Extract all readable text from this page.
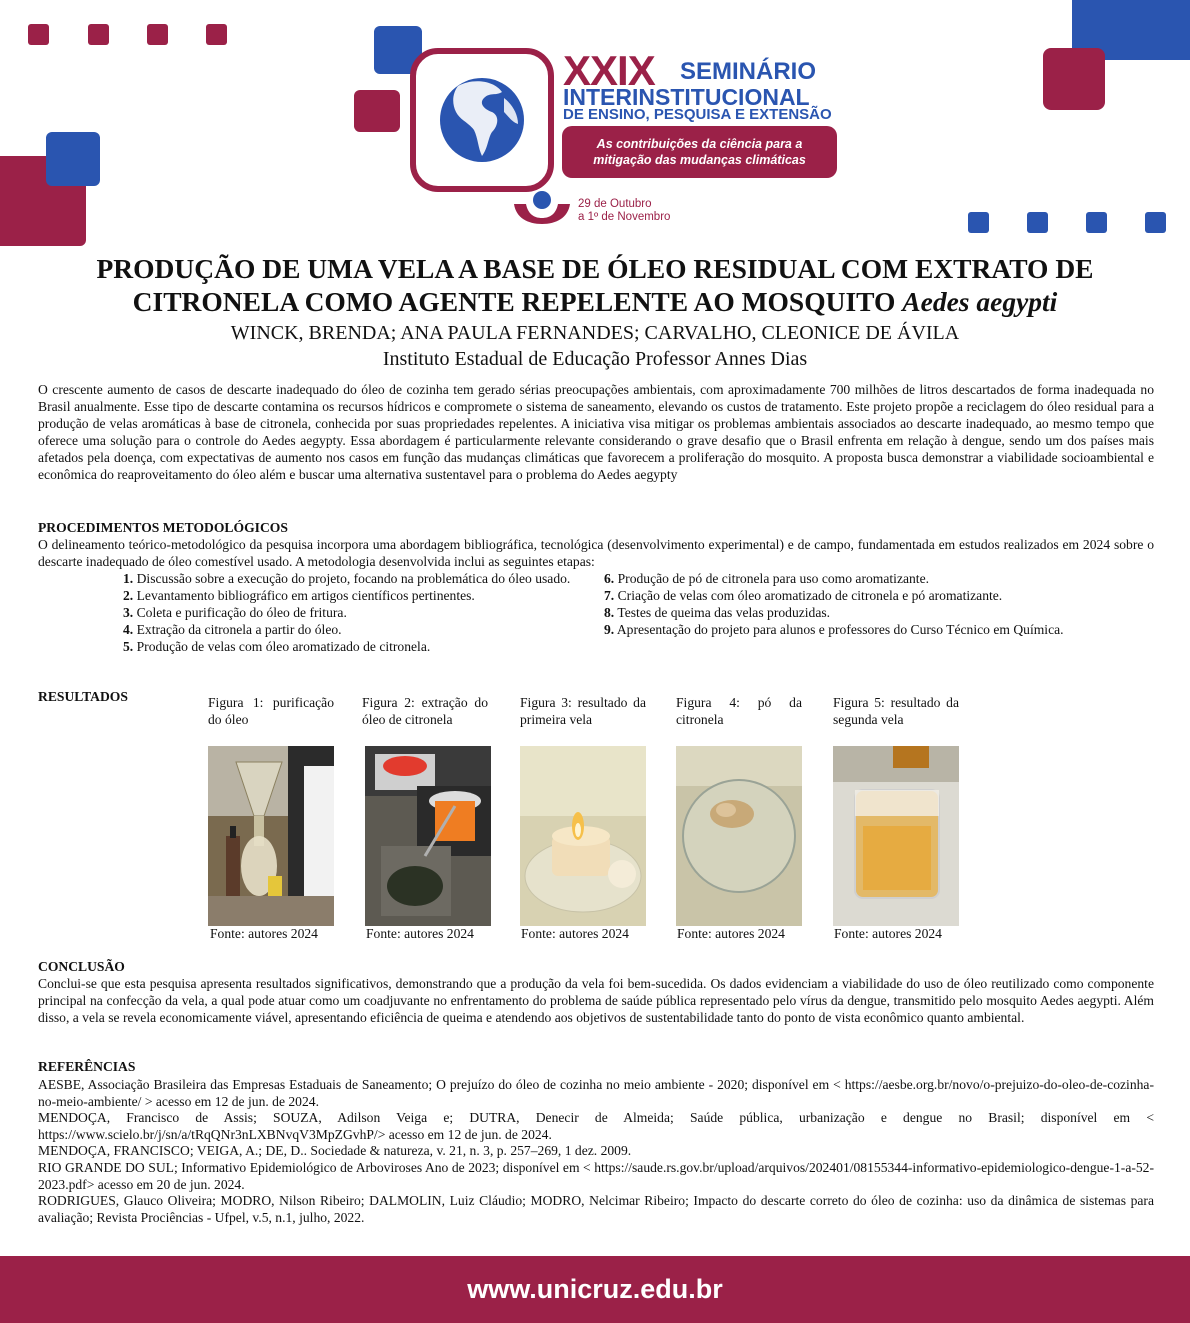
XXIX SEMINÁRIO
INTERINSTITUCIONAL
DE ENSINO, PESQUISA E EXTENSÃO
As contribuições da ciência para a
mitigação das mudanças climáticas
29 de Outubro
a 1º de Novembro
PRODUÇÃO DE UMA VELA A BASE DE ÓLEO RESIDUAL COM EXTRATO DE CITRONELA COMO AGENTE REPELENTE AO MOSQUITO Aedes aegypti
WINCK, BRENDA; ANA PAULA FERNANDES; CARVALHO, CLEONICE DE ÁVILA
Instituto Estadual de Educação Professor Annes Dias

O crescente aumento de casos de descarte inadequado do óleo de cozinha tem gerado sérias preocupações ambientais, com aproximadamente 700 milhões de litros descartados de forma inadequada no Brasil anualmente. Esse tipo de descarte contamina os recursos hídricos e compromete o sistema de saneamento, elevando os custos de tratamento. Este projeto propõe a reciclagem do óleo residual para a produção de velas aromáticas à base de citronela, conhecida por suas propriedades repelentes. A iniciativa visa mitigar os problemas ambientais associados ao descarte inadequado, ao mesmo tempo que oferece uma solução para o controle do Aedes aegypty. Essa abordagem é particularmente relevante considerando o grave desafio que o Brasil enfrenta em relação à dengue, sendo um dos países mais afetados pela doença, com expectativas de aumento nos casos em função das mudanças climáticas que favorecem a proliferação do mosquito. A proposta busca demonstrar a viabilidade socioambiental e econômica do reaproveitamento do óleo além e buscar uma alternativa sustentavel para o problema do Aedes aegypty

PROCEDIMENTOS METODOLÓGICOS

O delineamento teórico-metodológico da pesquisa incorpora uma abordagem bibliográfica, tecnológica (desenvolvimento experimental) e de campo, fundamentada em estudos realizados em 2024 sobre o descarte inadequado de óleo comestível usado. A metodologia desenvolvida inclui as seguintes etapas:

1. Discussão sobre a execução do projeto, focando na problemática do óleo usado.
2. Levantamento bibliográfico em artigos científicos pertinentes.
3. Coleta e purificação do óleo de fritura.
4. Extração da citronela a partir do óleo.
5. Produção de velas com óleo aromatizado de citronela.
6. Produção de pó de citronela para uso como aromatizante.
7. Criação de velas com óleo aromatizado de citronela e pó aromatizante.
8. Testes de queima das velas produzidas.
9. Apresentação do projeto para alunos e professores do Curso Técnico em Química.
RESULTADOS	Figura 1: purificação do óleo
Figura 2: extração do óleo de citronela
Figura 3: resultado da primeira vela
Figura 4: pó da citronela
Figura 5: resultado da segunda vela
Fonte: autores 2024	Fonte: autores 2024	Fonte: autores 2024	Fonte: autores 2024	Fonte: autores 2024
CONCLUSÃO

Conclui-se que esta pesquisa apresenta resultados significativos, demonstrando que a produção da vela foi bem-sucedida. Os dados evidenciam a viabilidade do uso de óleo reutilizado como componente principal na confecção da vela, a qual pode atuar como um coadjuvante no enfrentamento do problema de saúde pública representado pelo vírus da dengue, transmitido pelo mosquito Aedes aegypti. Além disso, a vela se revela economicamente viável, apresentando eficiência de queima e atendendo aos objetivos de sustentabilidade tanto do ponto de vista econômico quanto ambiental.

REFERÊNCIAS

AESBE, Associação Brasileira das Empresas Estaduais de Saneamento; O prejuízo do óleo de cozinha no meio ambiente - 2020; disponível em < https://aesbe.org.br/novo/o-prejuizo-do-oleo-de-cozinha-no-meio-ambiente/ > acesso em 12 de jun. de 2024.

MENDOÇA, Francisco de Assis; SOUZA, Adilson Veiga e; DUTRA, Denecir de Almeida; Saúde pública, urbanização e dengue no Brasil; disponível em < https://www.scielo.br/j/sn/a/tRqQNr3nLXBNvqV3MpZGvhP/> acesso em 12 de jun. de 2024.

MENDOÇA, FRANCISCO; VEIGA, A.; DE, D.. Sociedade & natureza, v. 21, n. 3, p. 257–269, 1 dez. 2009.

RIO GRANDE DO SUL; Informativo Epidemiológico de Arboviroses Ano de 2023; disponível em < https://saude.rs.gov.br/upload/arquivos/202401/08155344-informativo-epidemiologico-dengue-1-a-52-2023.pdf> acesso em 20 de jun. 2024.

RODRIGUES, Glauco Oliveira; MODRO, Nilson Ribeiro; DALMOLIN, Luiz Cláudio; MODRO, Nelcimar Ribeiro; Impacto do descarte correto do óleo de cozinha: uso da dinâmica de sistemas para avaliação; Revista Prociências - Ufpel, v.5, n.1, julho, 2022.

www.unicruz.edu.br
